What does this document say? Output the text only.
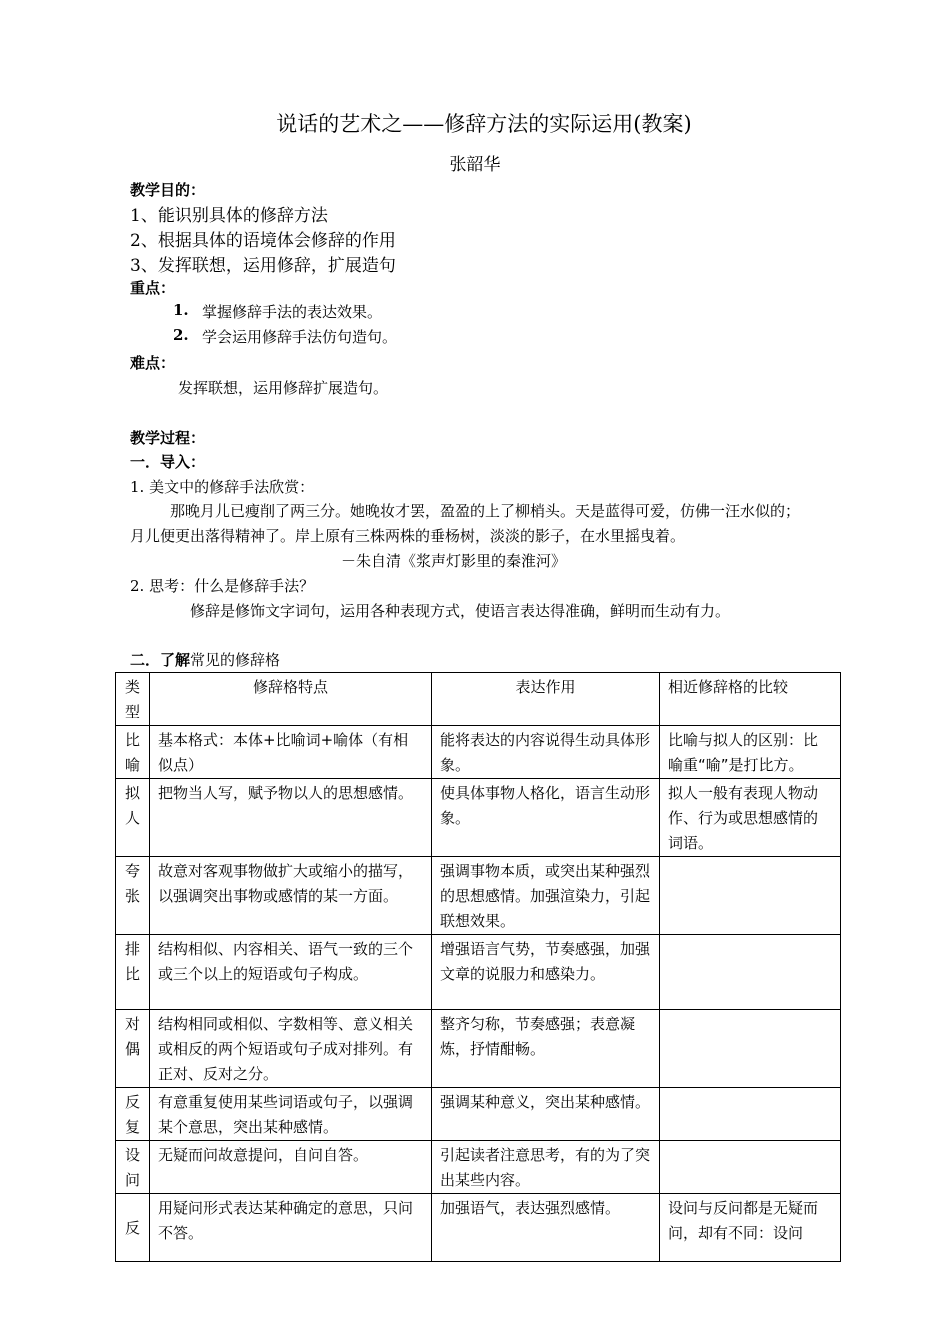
说话的艺术之——修辞方法的实际运用(教案)
张韶华
教学目的：
1、能识别具体的修辞方法
2、根据具体的语境体会修辞的作用
3、发挥联想，运用修辞，扩展造句
重点：
1. 掌握修辞手法的表达效果。
2. 学会运用修辞手法仿句造句。
难点：
发挥联想，运用修辞扩展造句。
教学过程：
一．导入：
1. 美文中的修辞手法欣赏：
那晚月儿已瘦削了两三分。她晚妆才罢，盈盈的上了柳梢头。天是蓝得可爱，仿佛一汪水似的；
月儿便更出落得精神了。岸上原有三株两株的垂杨树，淡淡的影子，在水里摇曳着。
－朱自清《浆声灯影里的秦淮河》
2. 思考：什么是修辞手法？
修辞是修饰文字词句，运用各种表现方式，使语言表达得准确，鲜明而生动有力。
二．了解常见的修辞格
类型	修辞格特点	表达作用	相近修辞格的比较
比喻	基本格式：本体+比喻词+喻体（有相似点）	能将表达的内容说得生动具体形象。	比喻与拟人的区别：比喻重“喻”是打比方。
拟人	把物当人写，赋予物以人的思想感情。	使具体事物人格化，语言生动形象。	拟人一般有表现人物动作、行为或思想感情的词语。
夸张	故意对客观事物做扩大或缩小的描写，以强调突出事物或感情的某一方面。	强调事物本质，或突出某种强烈的思想感情。加强渲染力，引起联想效果。	
排比	结构相似、内容相关、语气一致的三个或三个以上的短语或句子构成。	增强语言气势，节奏感强，加强文章的说服力和感染力。	
对偶	结构相同或相似、字数相等、意义相关或相反的两个短语或句子成对排列。有正对、反对之分。	整齐匀称，节奏感强；表意凝炼，抒情酣畅。	
反复	有意重复使用某些词语或句子，以强调某个意思，突出某种感情。	强调某种意义，突出某种感情。	
设问	无疑而问故意提问，自问自答。	引起读者注意思考，有的为了突出某些内容。	
反	用疑问形式表达某种确定的意思，只问不答。	加强语气，表达强烈感情。	设问与反问都是无疑而问，却有不同：设问
